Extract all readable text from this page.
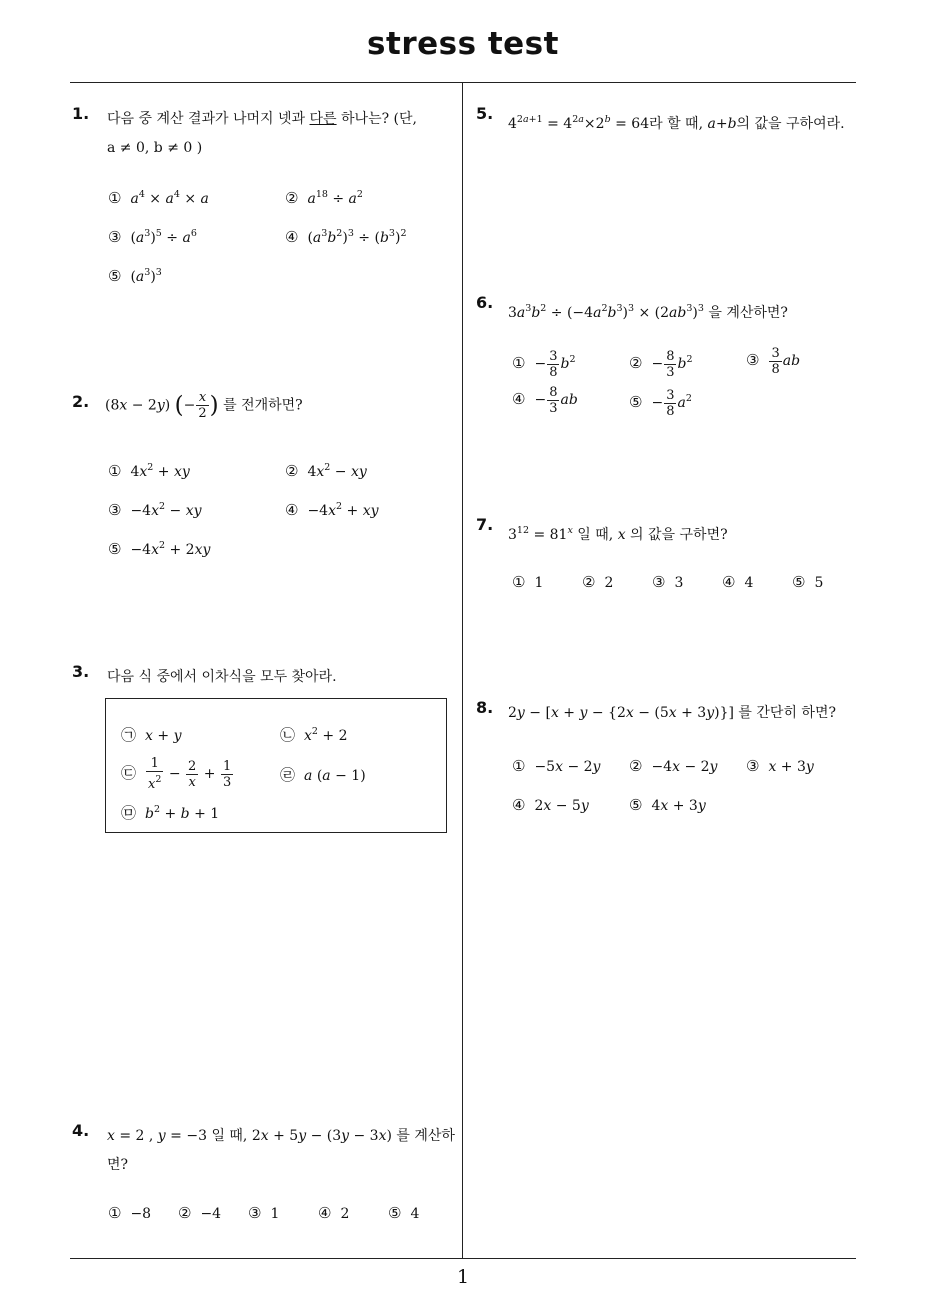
stress test
1
1. 다음 중 계산 결과가 나머지 넷과 다른 하나는? (단,
a ≠ 0, b ≠ 0 )
① $a^4 \times a^4 \times a$	② $a^{18} \div a^2$
③ $(a^3)^5 \div a^6$	④ $(a^3b^2)^3 \div (b^3)^2$
⑤ $(a^3)^3$
2. (8x − 2y) (− $\frac{x}{2}$ ) 를 전개하면?
① $4x^2$ + xy	② $4x^2$ − xy
③ $-4x^2$ − xy	④ $-4x^2$ + xy
⑤ $-4x^2 + 2xy$
3. 다음 식 중에서 이차식을 모두 찾아라.
㉠ x + y	㉡ $x^2 + 2$
㉢ $\frac{1}{x^2} - \frac{2}{x} + \frac{1}{3}$	㉣ a (a − 1)
㉤ $b^2 + b + 1$
4. x = 2 , y = −3 일 때, 2x + 5y − (3y − 3x) 를 계산하
면?
① −8 ② −4 ③ 1	④ 2	⑤ 4
5.
$4^{2a+1} = 4^{2a}\times 2^b = 64$라 할 때, a+b의 값을 구하여라.
6.
$3a^3b^2 \div (-4a^2b^3)^3 \times (2ab^3)^3$ 을 계산하면?
① − $\frac{3}{8} b^2$	② − $\frac{8}{3} b^2$	③ $\frac{3}{8}$ ab
④ − $\frac{8}{3}$ ab	⑤ − $\frac{3}{8} a^2$
7.
$3^{12} = 81^x$ 일 때, x 의 값을 구하면?
① 1	② 2	③ 3	④ 4	⑤ 5
8. 2y − [x + y − {2x − (5x + 3y)}] 를 간단히 하면?
① −5x − 2y ② −4x − 2y ③ x + 3y
④ 2x − 5y	⑤ 4x + 3y
